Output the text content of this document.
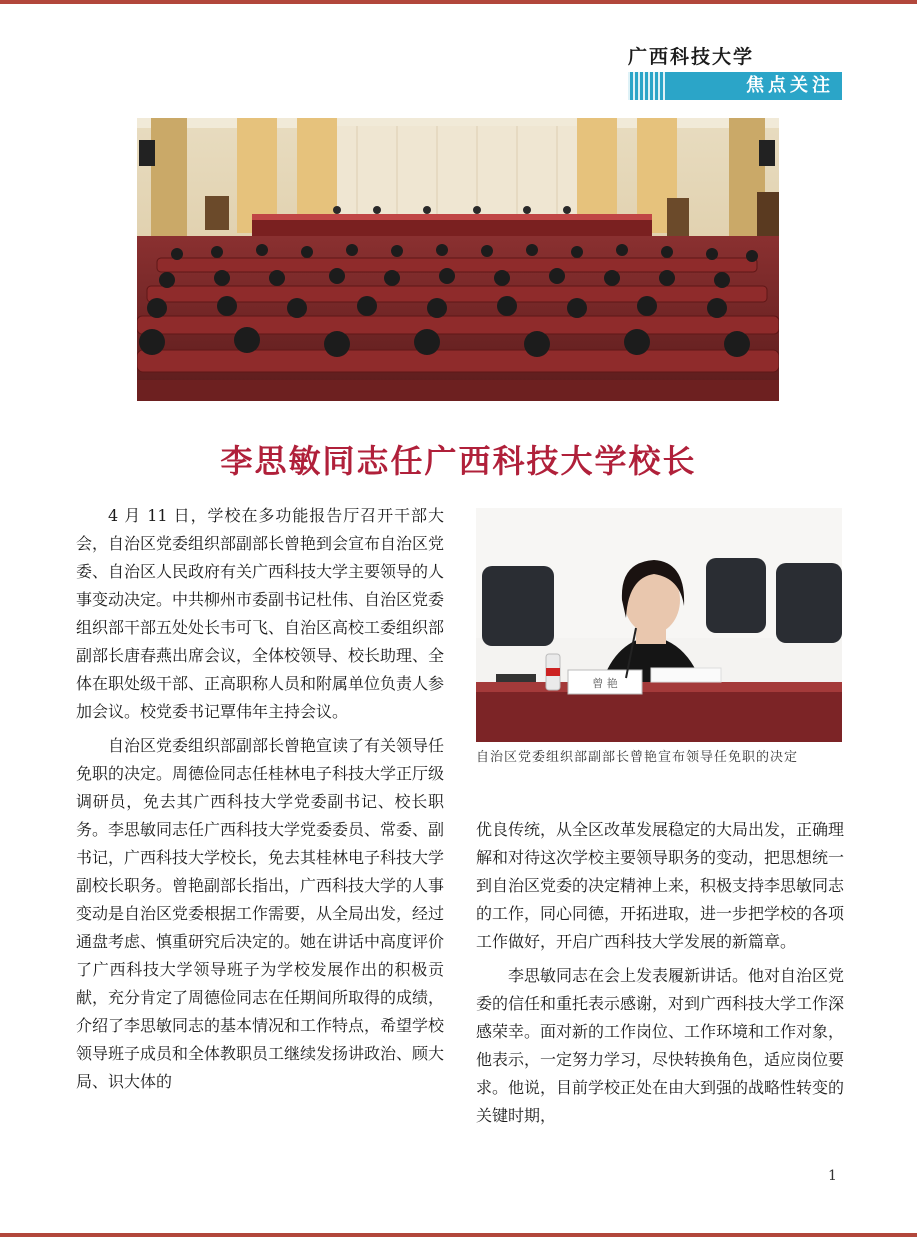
广西科技大学
焦点关注
李思敏同志任广西科技大学校长

4 月 11 日，学校在多功能报告厅召开干部大会，自治区党委组织部副部长曾艳到会宣布自治区党委、自治区人民政府有关广西科技大学主要领导的人事变动决定。中共柳州市委副书记杜伟、自治区党委组织部干部五处处长韦可飞、自治区高校工委组织部副部长唐春燕出席会议，全体校领导、校长助理、全体在职处级干部、正高职称人员和附属单位负责人参加会议。校党委书记覃伟年主持会议。

自治区党委组织部副部长曾艳宣读了有关领导任免职的决定。周德俭同志任桂林电子科技大学正厅级调研员，免去其广西科技大学党委副书记、校长职务。李思敏同志任广西科技大学党委委员、常委、副书记，广西科技大学校长，免去其桂林电子科技大学副校长职务。曾艳副部长指出，广西科技大学的人事变动是自治区党委根据工作需要，从全局出发，经过通盘考虑、慎重研究后决定的。她在讲话中高度评价了广西科技大学领导班子为学校发展作出的积极贡献，充分肯定了周德俭同志在任期间所取得的成绩，介绍了李思敏同志的基本情况和工作特点，希望学校领导班子成员和全体教职员工继续发扬讲政治、顾大局、识大体的

曾 艳
自治区党委组织部副部长曾艳宣布领导任免职的决定

优良传统，从全区改革发展稳定的大局出发，正确理解和对待这次学校主要领导职务的变动，把思想统一到自治区党委的决定精神上来，积极支持李思敏同志的工作，同心同德，开拓进取，进一步把学校的各项工作做好，开启广西科技大学发展的新篇章。

李思敏同志在会上发表履新讲话。他对自治区党委的信任和重托表示感谢，对到广西科技大学工作深感荣幸。面对新的工作岗位、工作环境和工作对象，他表示，一定努力学习，尽快转换角色，适应岗位要求。他说，目前学校正处在由大到强的战略性转变的关键时期，

1
